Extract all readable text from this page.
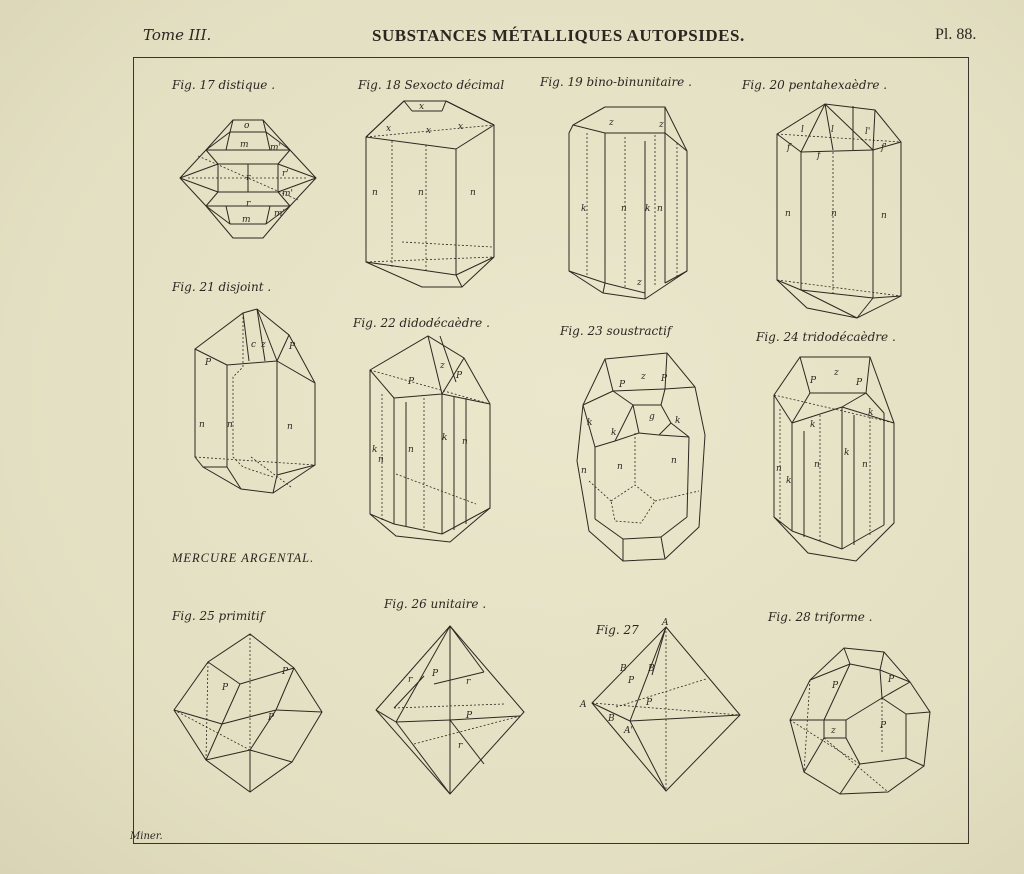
Tome III.	SUBSTANCES MÉTALLIQUES AUTOPSIDES.	Pl. 88.
Fig. 17 distique .	Fig. 18 Sexocto décimal	Fig. 19 bino-binunitaire .	Fig. 20 pentahexaèdre .
Fig. 21 disjoint .
Fig. 22 didodécaèdre .
Fig. 23 soustractif	Fig. 24 tridodécaèdre .
Fig. 25 primitif
Fig. 26 unitaire .
Fig. 27
Fig. 28 triforme .
MERCURE ARGENTAL.
Miner.
o
m m'
r	r'
r
m'
m
m'
x
x	x	x
n	n	n
z	z
k	n k n
z
l	l	l'
f
f
f'
n	n	n
P
c z	P
n n	n
P
z
P
k
n
n
k n
P
z P
g
k
k
k
n	n
n
P
z
P
k
k
n
k
n
k
n
P
P
P
r
P
r
P
r
A
B B
P
P
A
B
A'
P
P
z	P
